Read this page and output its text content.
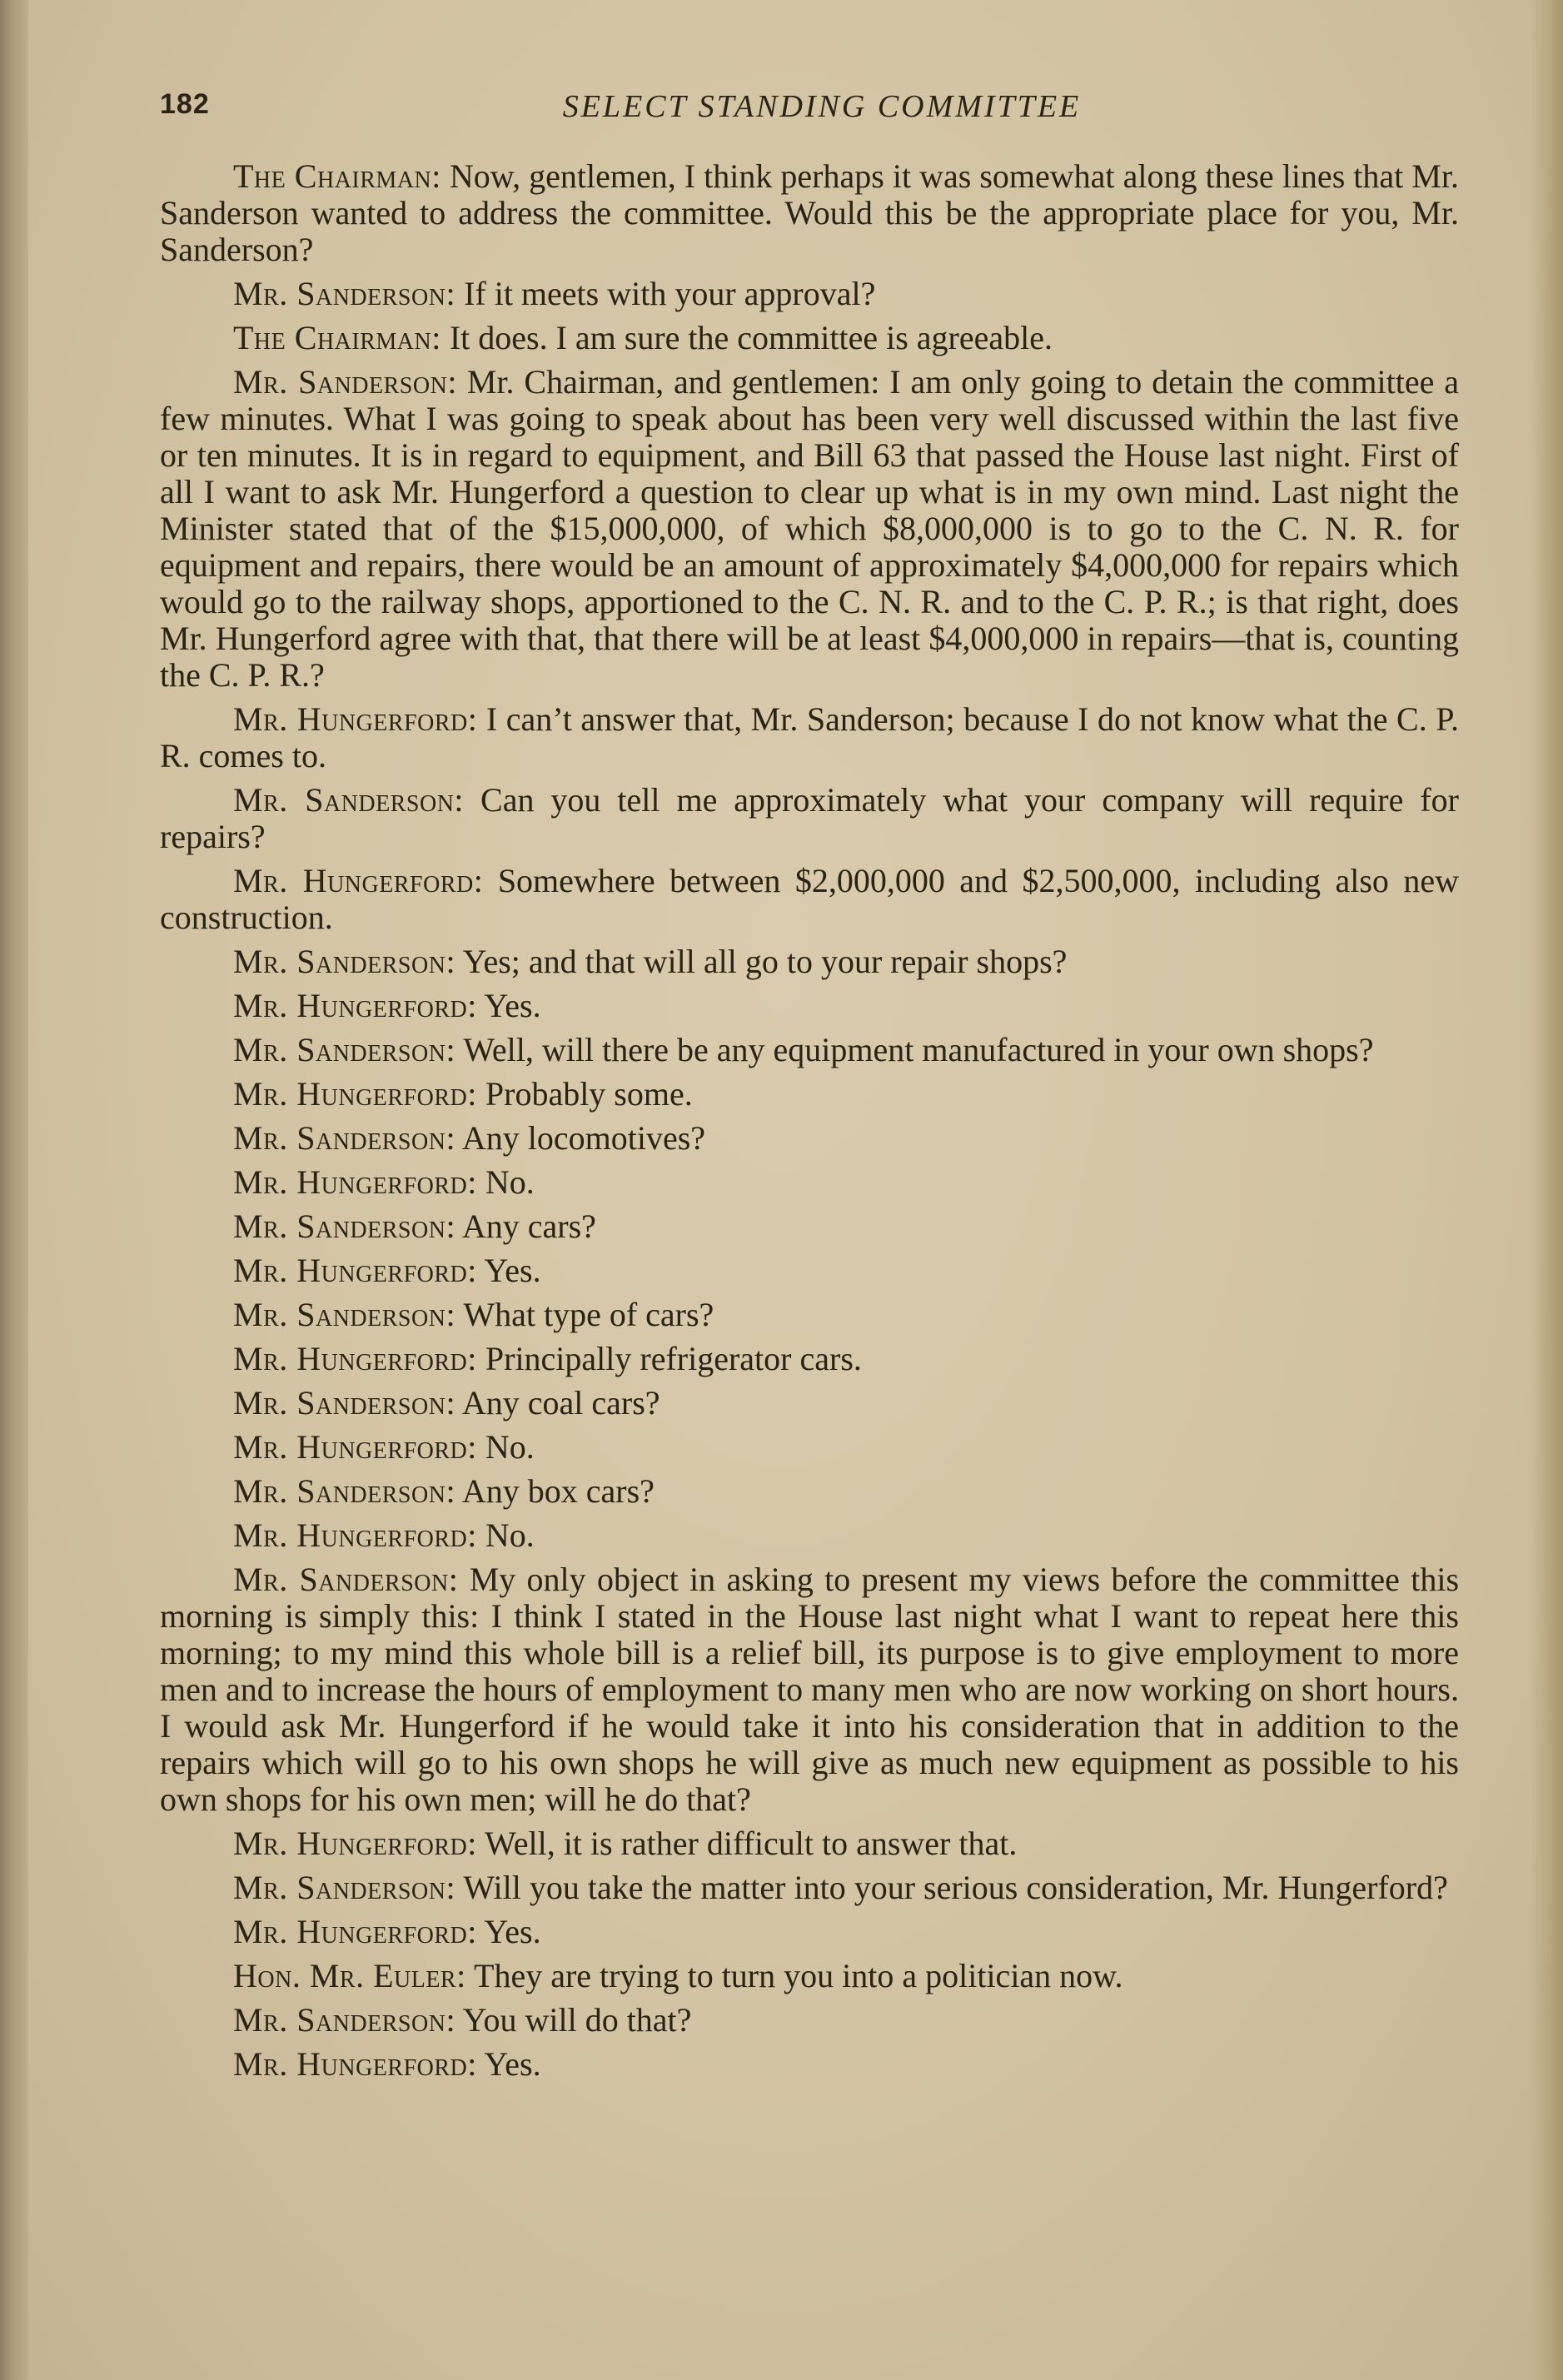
182	SELECT STANDING COMMITTEE

The Chairman: Now, gentlemen, I think perhaps it was somewhat along these lines that Mr. Sanderson wanted to address the committee. Would this be the appropriate place for you, Mr. Sanderson?

Mr. Sanderson: If it meets with your approval?

The Chairman: It does. I am sure the committee is agreeable.

Mr. Sanderson: Mr. Chairman, and gentlemen: I am only going to detain the committee a few minutes. What I was going to speak about has been very well discussed within the last five or ten minutes. It is in regard to equipment, and Bill 63 that passed the House last night. First of all I want to ask Mr. Hungerford a question to clear up what is in my own mind. Last night the Minister stated that of the $15,000,000, of which $8,000,000 is to go to the C. N. R. for equipment and repairs, there would be an amount of approximately $4,000,000 for repairs which would go to the railway shops, apportioned to the C. N. R. and to the C. P. R.; is that right, does Mr. Hungerford agree with that, that there will be at least $4,000,000 in repairs—that is, counting the C. P. R.?

Mr. Hungerford: I can’t answer that, Mr. Sanderson; because I do not know what the C. P. R. comes to.

Mr. Sanderson: Can you tell me approximately what your company will require for repairs?

Mr. Hungerford: Somewhere between $2,000,000 and $2,500,000, including also new construction.

Mr. Sanderson: Yes; and that will all go to your repair shops?

Mr. Hungerford: Yes.

Mr. Sanderson: Well, will there be any equipment manufactured in your own shops?

Mr. Hungerford: Probably some.

Mr. Sanderson: Any locomotives?

Mr. Hungerford: No.

Mr. Sanderson: Any cars?

Mr. Hungerford: Yes.

Mr. Sanderson: What type of cars?

Mr. Hungerford: Principally refrigerator cars.

Mr. Sanderson: Any coal cars?

Mr. Hungerford: No.

Mr. Sanderson: Any box cars?

Mr. Hungerford: No.

Mr. Sanderson: My only object in asking to present my views before the committee this morning is simply this: I think I stated in the House last night what I want to repeat here this morning; to my mind this whole bill is a relief bill, its purpose is to give employment to more men and to increase the hours of employment to many men who are now working on short hours. I would ask Mr. Hungerford if he would take it into his consideration that in addition to the repairs which will go to his own shops he will give as much new equipment as possible to his own shops for his own men; will he do that?

Mr. Hungerford: Well, it is rather difficult to answer that.

Mr. Sanderson: Will you take the matter into your serious consideration, Mr. Hungerford?

Mr. Hungerford: Yes.

Hon. Mr. Euler: They are trying to turn you into a politician now.

Mr. Sanderson: You will do that?

Mr. Hungerford: Yes.
